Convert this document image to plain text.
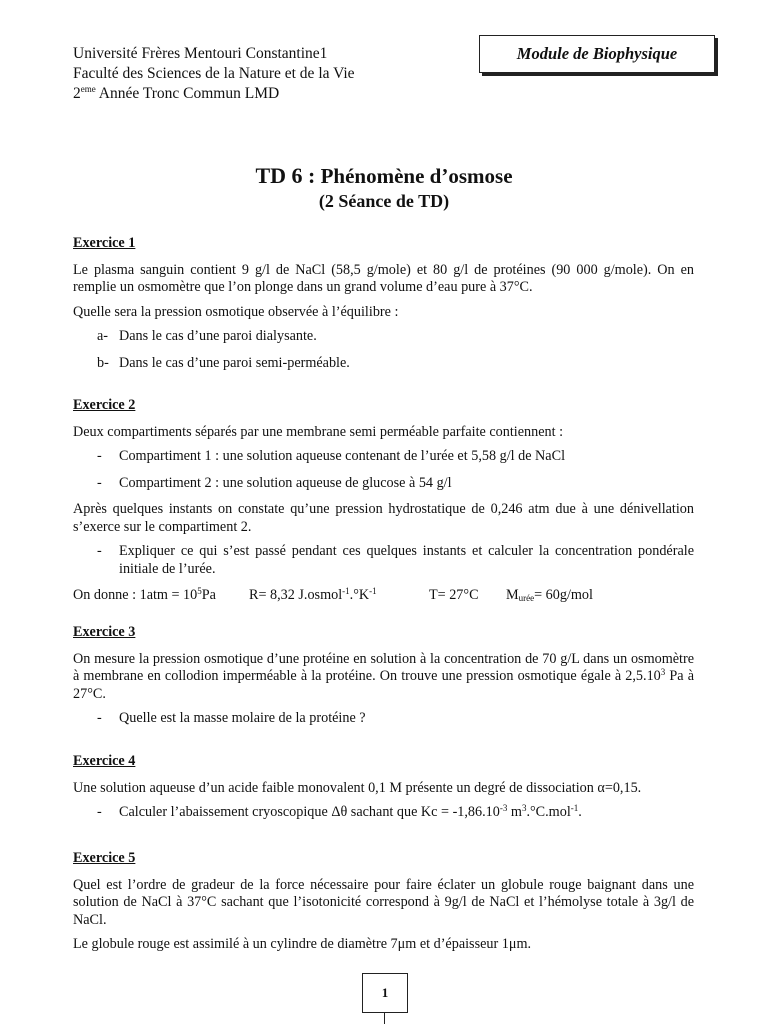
Université Frères Mentouri Constantine1
Faculté des Sciences de la Nature et de la Vie
2eme Année Tronc Commun LMD
Module de Biophysique
TD 6 : Phénomène d’osmose
(2 Séance de TD)
Exercice 1
Le plasma sanguin contient 9 g/l de NaCl (58,5 g/mole) et 80 g/l de protéines (90 000 g/mole). On en remplie un osmomètre que l’on plonge dans un grand volume d’eau pure à 37°C.
Quelle sera la pression osmotique observée à l’équilibre :
a- Dans le cas d’une paroi dialysante.
b- Dans le cas d’une paroi semi-perméable.
Exercice 2
Deux compartiments séparés par une membrane semi perméable parfaite contiennent :
- Compartiment 1 : une solution aqueuse contenant de l’urée et 5,58 g/l de NaCl
- Compartiment 2 : une solution aqueuse de glucose à 54 g/l
Après quelques instants on constate qu’une pression hydrostatique de 0,246 atm due à une dénivellation s’exerce sur le compartiment 2.
- Expliquer ce qui s’est passé pendant ces quelques instants et calculer la concentration pondérale initiale de l’urée.
On donne : $1atm = 10^5Pa$	R= 8,32 $J.osmol^{-1}.^\circ K^{-1}$	T= 27°C	$M_{urée}= 60g/mol$
Exercice 3
On mesure la pression osmotique d’une protéine en solution à la concentration de 70 g/L dans un osmomètre à membrane en collodion imperméable à la protéine. On trouve une pression osmotique égale à 2,5.10$^3$ Pa à 27°C.
- Quelle est la masse molaire de la protéine ?
Exercice 4
Une solution aqueuse d’un acide faible monovalent 0,1 M présente un degré de dissociation α=0,15.
- Calculer l’abaissement cryoscopique Δθ sachant que $Kc = -1,86.10^{-3}$ $m^3.^\circ C.mol^{-1}$.
Exercice 5
Quel est l’ordre de gradeur de la force nécessaire pour faire éclater un globule rouge baignant dans une solution de NaCl à 37°C sachant que l’isotonicité correspond à 9g/l de NaCl et l’hémolyse totale à 3g/l de NaCl.
Le globule rouge est assimilé à un cylindre de diamètre 7μm et d’épaisseur 1μm.
1
